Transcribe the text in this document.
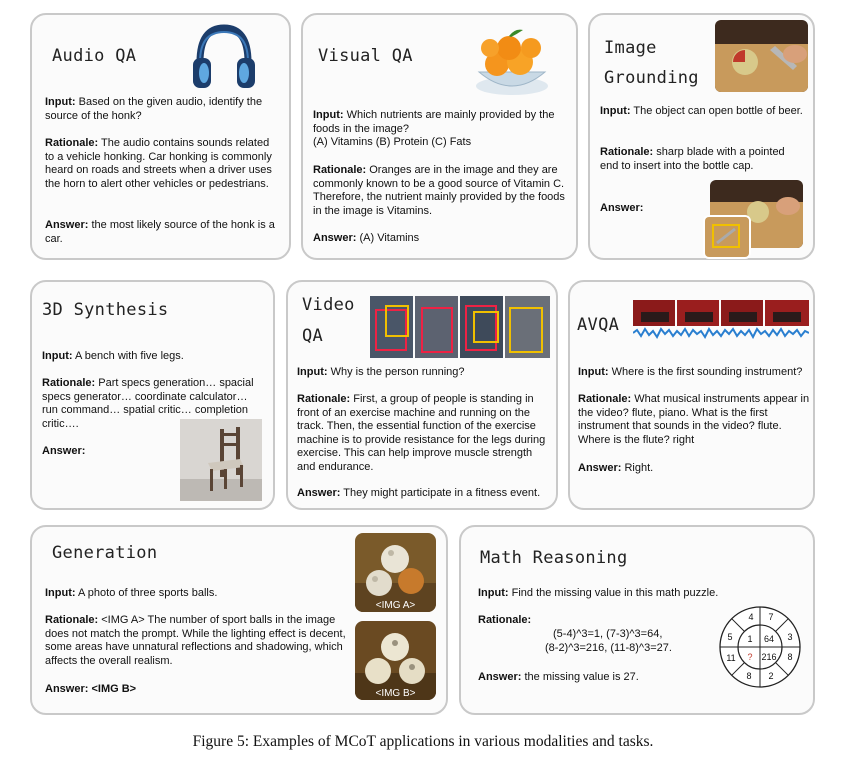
Audio QA
Input: Based on the given audio, identify the source of the honk?
Rationale: The audio contains sounds related to a vehicle honking. Car honking is commonly heard on roads and streets when a driver uses the horn to alert other vehicles or pedestrians.
Answer: the most likely source of the honk is a car.
Visual QA
Input: Which nutrients are mainly provided by the foods in the image?
(A) Vitamins (B) Protein (C) Fats
Rationale: Oranges are in the image and they are commonly known to be a good source of Vitamin C. Therefore, the nutrient mainly provided by the foods in the image is Vitamins.
Answer: (A) Vitamins
Image
Grounding
Input: The object can open bottle of beer.
Rationale: sharp blade with a pointed end to insert into the bottle cap.
Answer:
3D Synthesis
Input: A bench with five legs.
Rationale: Part specs generation… spacial specs generator… coordinate calculator… run command… spatial critic… completion critic….
Answer:
Video
QA
Input: Why is the person running?
Rationale: First, a group of people is standing in front of an exercise machine and running on the track. Then, the essential function of the exercise machine is to provide resistance for the legs during exercise. This can help improve muscle strength and endurance.
Answer: They might participate in a fitness event.
AVQA
Input: Where is the first sounding instrument?
Rationale: What musical instruments appear in the video? flute, piano. What is the first instrument that sounds in the video? flute. Where is the flute? right
Answer: Right.
Generation
Input: A photo of three sports balls.
Rationale: <IMG A> The number of sport balls in the image does not match the prompt. While the lighting effect is decent, some areas have unnatural reflections and shadowing, which affects the overall realism.
Answer: <IMG B>
<IMG A>
<IMG B>
Math Reasoning
Input: Find the missing value in this math puzzle.
Rationale:
(5-4)^3=1, (7-3)^3=64,
(8-2)^3=216, (11-8)^3=27.
Answer: the missing value is 27.
4 7
3
8
2
8
11
5 1 64
216
?
Figure 5: Examples of MCoT applications in various modalities and tasks.
